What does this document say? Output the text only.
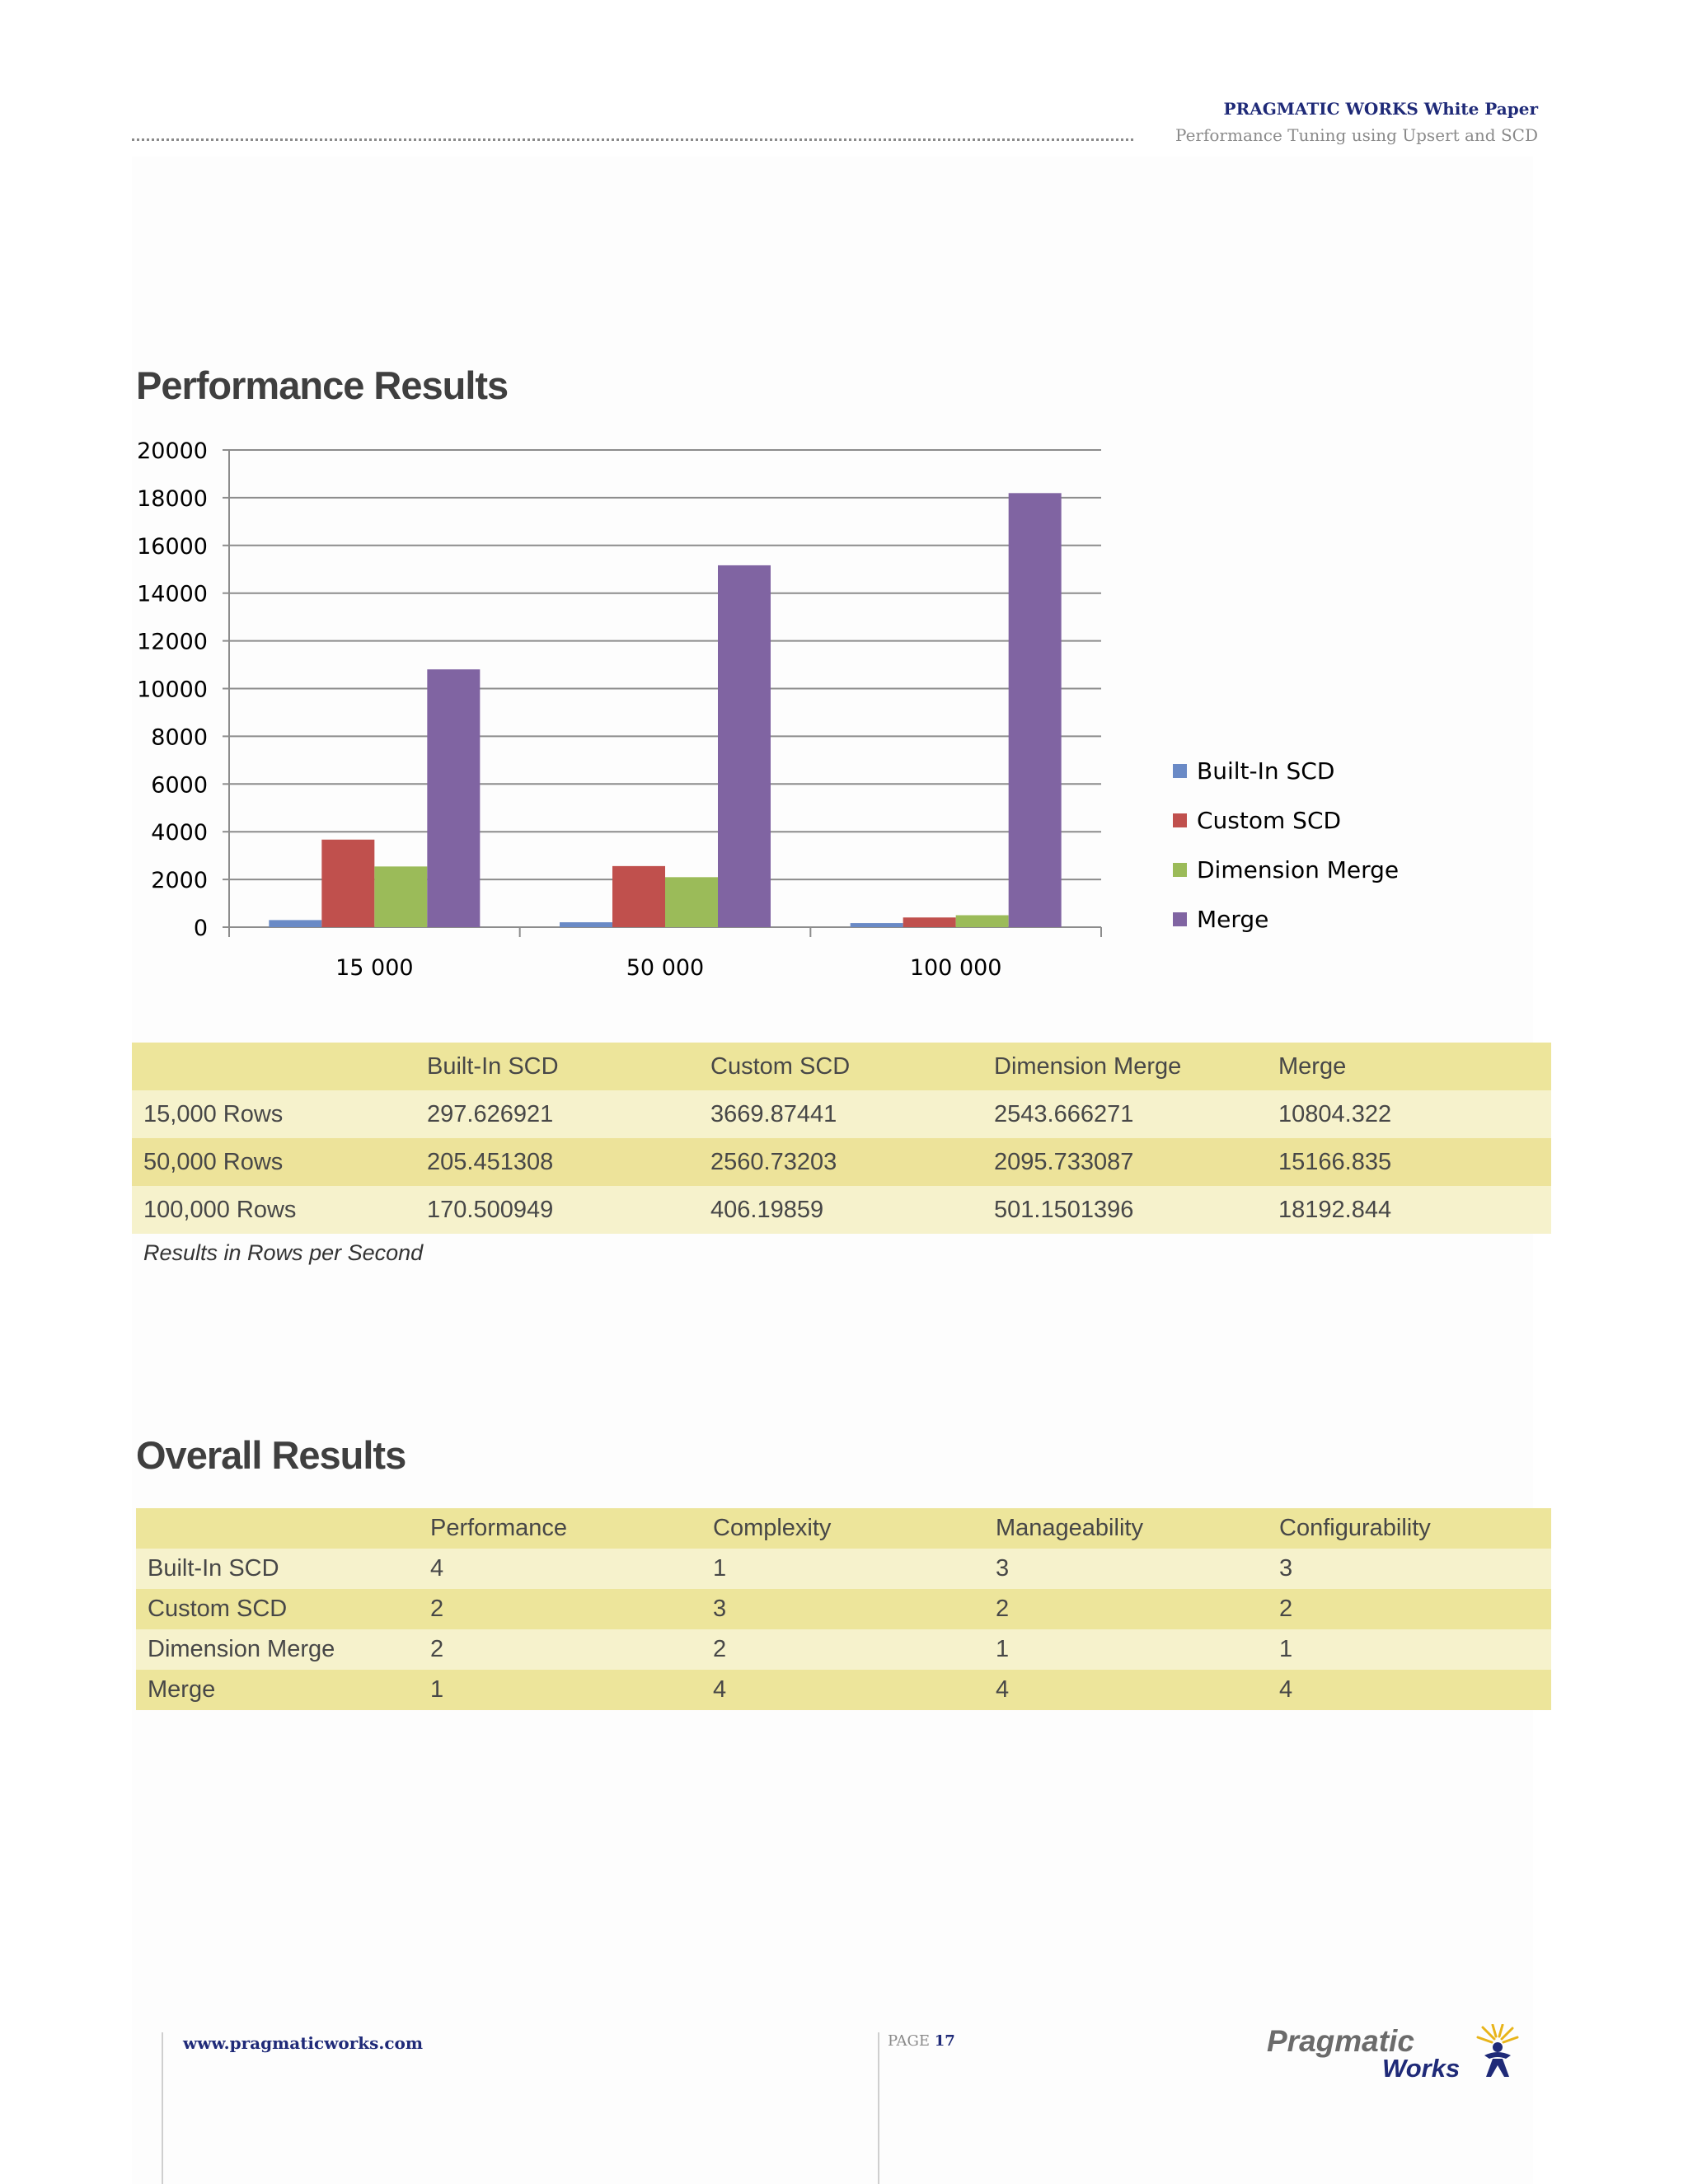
PRAGMATIC WORKS White Paper
Performance Tuning using Upsert and SCD
Performance Results
0
2000
4000
6000
8000
10000
12000
14000
16000
18000
20000
15 000	50 000	100 000
Built-In SCD
Custom SCD
Dimension Merge
Merge
	Built-In SCD	Custom SCD	Dimension Merge	Merge
15,000 Rows	297.626921	3669.87441	2543.666271	10804.322
50,000 Rows	205.451308	2560.73203	2095.733087	15166.835
100,000 Rows	170.500949	406.19859	501.1501396	18192.844
Results in Rows per Second
Overall Results
	Performance	Complexity	Manageability	Configurability
Built-In SCD	4	1	3	3
Custom SCD	2	3	2	2
Dimension Merge	2	2	1	1
Merge	1	4	4	4
www.pragmaticworks.com	PAGE 17	Pragmatic
Works
